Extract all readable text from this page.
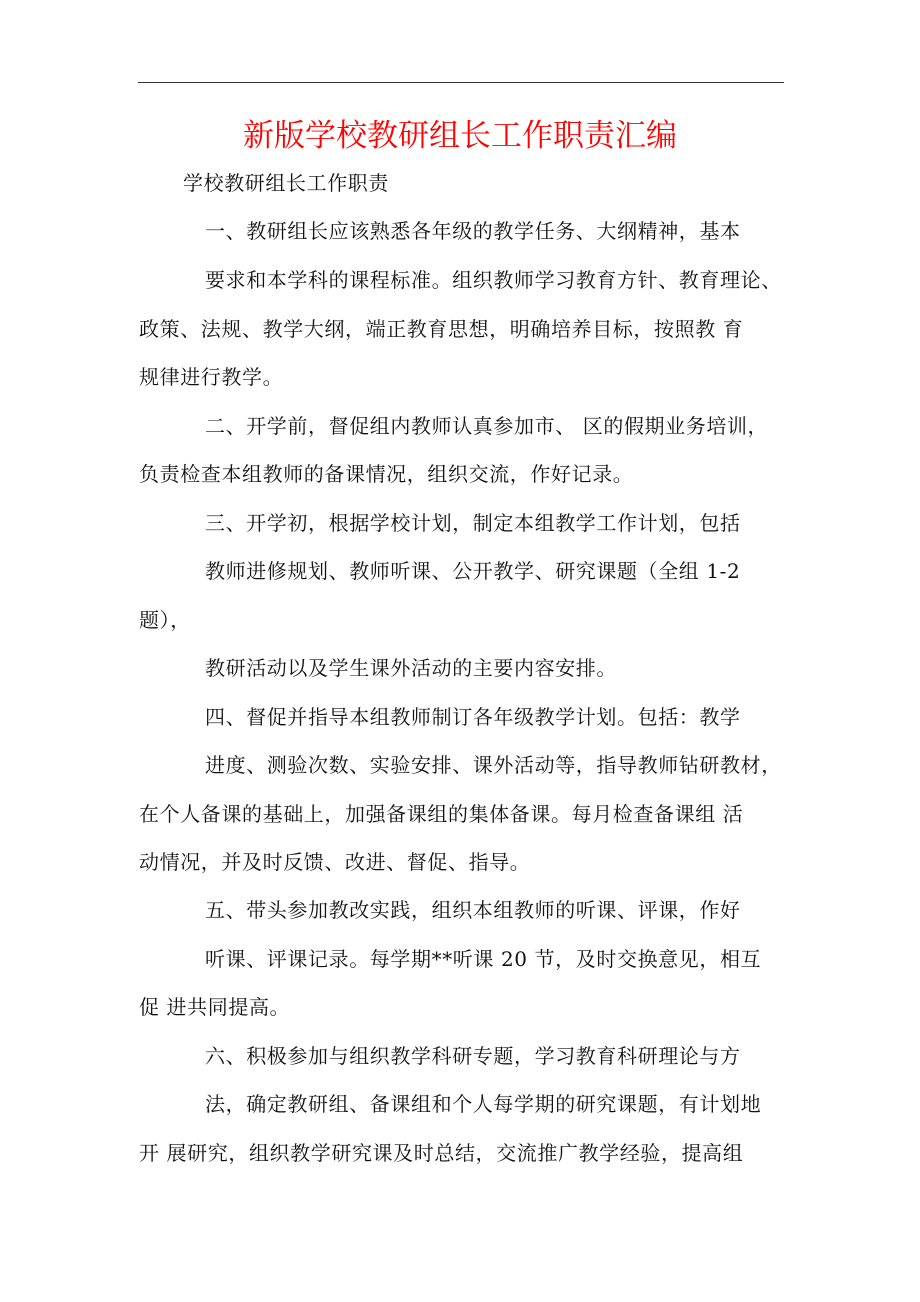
新版学校教研组长工作职责汇编
学校教研组长工作职责
一、教研组长应该熟悉各年级的教学任务、大纲精神，基本
要求和本学科的课程标准。组织教师学习教育方针、教育理论、
政策、法规、教学大纲，端正教育思想，明确培养目标，按照教 育
规律进行教学。
二、开学前，督促组内教师认真参加市、 区的假期业务培训，
负责检查本组教师的备课情况，组织交流，作好记录。
三、开学初，根据学校计划，制定本组教学工作计划，包括
教师进修规划、教师听课、公开教学、研究课题（全组 1-2
题），
教研活动以及学生课外活动的主要内容安排。
四、督促并指导本组教师制订各年级教学计划。包括：教学
进度、测验次数、实验安排、课外活动等，指导教师钻研教材，
在个人备课的基础上，加强备课组的集体备课。每月检查备课组 活
动情况，并及时反馈、改进、督促、指导。
五、带头参加教改实践，组织本组教师的听课、评课，作好
听课、评课记录。每学期**听课 20 节，及时交换意见，相互
促 进共同提高。
六、积极参加与组织教学科研专题，学习教育科研理论与方
法，确定教研组、备课组和个人每学期的研究课题，有计划地
开 展研究，组织教学研究课及时总结，交流推广教学经验，提高组
